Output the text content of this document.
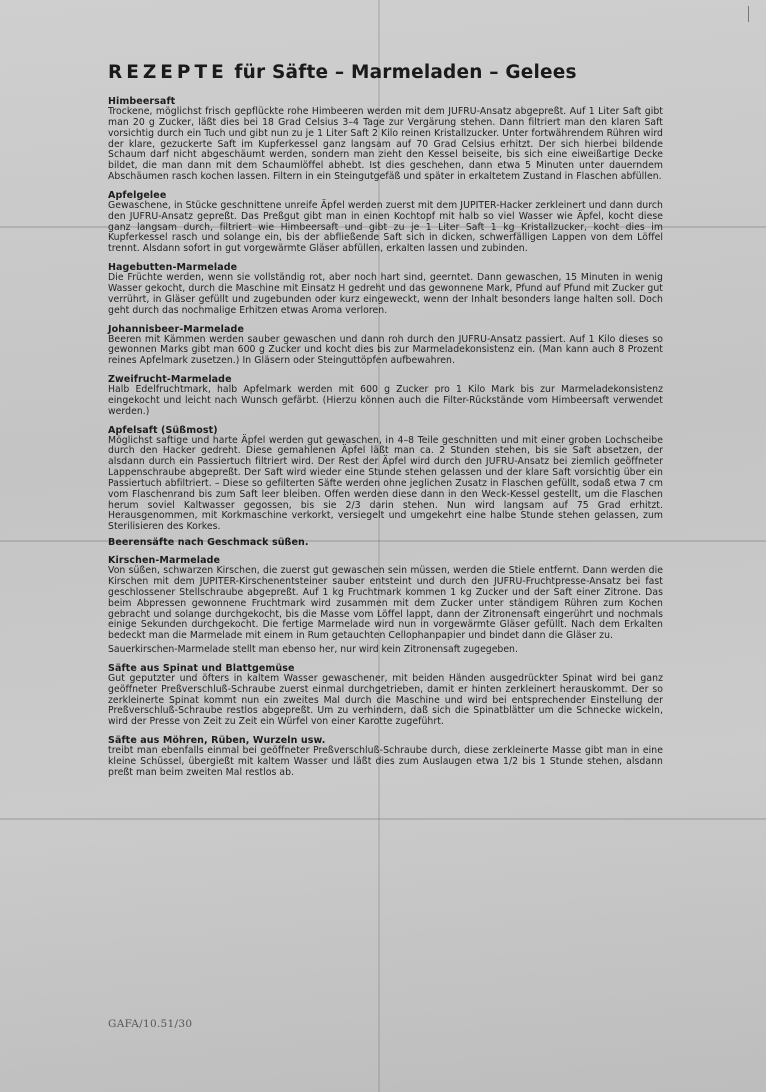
REZEPTE für Säfte – Marmeladen – Gelees
Himbeersaft
Trockene, möglichst frisch gepflückte rohe Himbeeren werden mit dem JUFRU-Ansatz abgepreßt. Auf 1 Liter Saft gibt man 20 g Zucker, läßt dies bei 18 Grad Celsius 3–4 Tage zur Vergärung stehen. Dann filtriert man den klaren Saft vorsichtig durch ein Tuch und gibt nun zu je 1 Liter Saft 2 Kilo reinen Kristallzucker. Unter fortwährendem Rühren wird der klare, gezuckerte Saft im Kupferkessel ganz langsam auf 70 Grad Celsius erhitzt. Der sich hierbei bildende Schaum darf nicht abgeschäumt werden, sondern man zieht den Kessel beiseite, bis sich eine eiweißartige Decke bildet, die man dann mit dem Schaumlöffel abhebt. Ist dies geschehen, dann etwa 5 Minuten unter dauerndem Abschäumen rasch kochen lassen. Filtern in ein Steingutgefäß und später in erkaltetem Zustand in Flaschen abfüllen.
Apfelgelee
Gewaschene, in Stücke geschnittene unreife Äpfel werden zuerst mit dem JUPITER-Hacker zerkleinert und dann durch den JUFRU-Ansatz gepreßt. Das Preßgut gibt man in einen Kochtopf mit halb so viel Wasser wie Äpfel, kocht diese ganz langsam durch, filtriert wie Himbeersaft und gibt zu je 1 Liter Saft 1 kg Kristallzucker, kocht dies im Kupferkessel rasch und solange ein, bis der abfließende Saft sich in dicken, schwerfälligen Lappen von dem Löffel trennt. Alsdann sofort in gut vorgewärmte Gläser abfüllen, erkalten lassen und zubinden.
Hagebutten-Marmelade
Die Früchte werden, wenn sie vollständig rot, aber noch hart sind, geerntet. Dann gewaschen, 15 Minuten in wenig Wasser gekocht, durch die Maschine mit Einsatz H gedreht und das gewonnene Mark, Pfund auf Pfund mit Zucker gut verrührt, in Gläser gefüllt und zugebunden oder kurz eingeweckt, wenn der Inhalt besonders lange halten soll. Doch geht durch das nochmalige Erhitzen etwas Aroma verloren.
Johannisbeer-Marmelade
Beeren mit Kämmen werden sauber gewaschen und dann roh durch den JUFRU-Ansatz passiert. Auf 1 Kilo dieses so gewonnen Marks gibt man 600 g Zucker und kocht dies bis zur Marmeladekonsistenz ein. (Man kann auch 8 Prozent reines Apfelmark zusetzen.) In Gläsern oder Steinguttöpfen aufbewahren.
Zweifrucht-Marmelade
Halb Edelfruchtmark, halb Apfelmark werden mit 600 g Zucker pro 1 Kilo Mark bis zur Marmeladekonsistenz eingekocht und leicht nach Wunsch gefärbt. (Hierzu können auch die Filter-Rückstände vom Himbeersaft verwendet werden.)
Apfelsaft (Süßmost)
Möglichst saftige und harte Äpfel werden gut gewaschen, in 4–8 Teile geschnitten und mit einer groben Lochscheibe durch den Hacker gedreht. Diese gemahlenen Äpfel läßt man ca. 2 Stunden stehen, bis sie Saft absetzen, der alsdann durch ein Passiertuch filtriert wird. Der Rest der Äpfel wird durch den JUFRU-Ansatz bei ziemlich geöffneter Lappenschraube abgepreßt. Der Saft wird wieder eine Stunde stehen gelassen und der klare Saft vorsichtig über ein Passiertuch abfiltriert. – Diese so gefilterten Säfte werden ohne jeglichen Zusatz in Flaschen gefüllt, sodaß etwa 7 cm vom Flaschenrand bis zum Saft leer bleiben. Offen werden diese dann in den Weck-Kessel gestellt, um die Flaschen herum soviel Kaltwasser gegossen, bis sie 2/3 darin stehen. Nun wird langsam auf 75 Grad erhitzt. Herausgenommen, mit Korkmaschine verkorkt, versiegelt und umgekehrt eine halbe Stunde stehen gelassen, zum Sterilisieren des Korkes.
Beerensäfte nach Geschmack süßen.
Kirschen-Marmelade
Von süßen, schwarzen Kirschen, die zuerst gut gewaschen sein müssen, werden die Stiele entfernt. Dann werden die Kirschen mit dem JUPITER-Kirschenentsteiner sauber entsteint und durch den JUFRU-Fruchtpresse-Ansatz bei fast geschlossener Stellschraube abgepreßt. Auf 1 kg Fruchtmark kommen 1 kg Zucker und der Saft einer Zitrone. Das beim Abpressen gewonnene Fruchtmark wird zusammen mit dem Zucker unter ständigem Rühren zum Kochen gebracht und solange durchgekocht, bis die Masse vom Löffel lappt, dann der Zitronensaft eingerührt und nochmals einige Sekunden durchgekocht. Die fertige Marmelade wird nun in vorgewärmte Gläser gefüllt. Nach dem Erkalten bedeckt man die Marmelade mit einem in Rum getauchten Cellophanpapier und bindet dann die Gläser zu.
Sauerkirschen-Marmelade stellt man ebenso her, nur wird kein Zitronensaft zugegeben.
Säfte aus Spinat und Blattgemüse
Gut geputzter und öfters in kaltem Wasser gewaschener, mit beiden Händen ausgedrückter Spinat wird bei ganz geöffneter Preßverschluß-Schraube zuerst einmal durchgetrieben, damit er hinten zerkleinert herauskommt. Der so zerkleinerte Spinat kommt nun ein zweites Mal durch die Maschine und wird bei entsprechender Einstellung der Preßverschluß-Schraube restlos abgepreßt. Um zu verhindern, daß sich die Spinatblätter um die Schnecke wickeln, wird der Presse von Zeit zu Zeit ein Würfel von einer Karotte zugeführt.
Säfte aus Möhren, Rüben, Wurzeln usw.
treibt man ebenfalls einmal bei geöffneter Preßverschluß-Schraube durch, diese zerkleinerte Masse gibt man in eine kleine Schüssel, übergießt mit kaltem Wasser und läßt dies zum Auslaugen etwa 1/2 bis 1 Stunde stehen, alsdann preßt man beim zweiten Mal restlos ab.
GAFA/10.51/30
